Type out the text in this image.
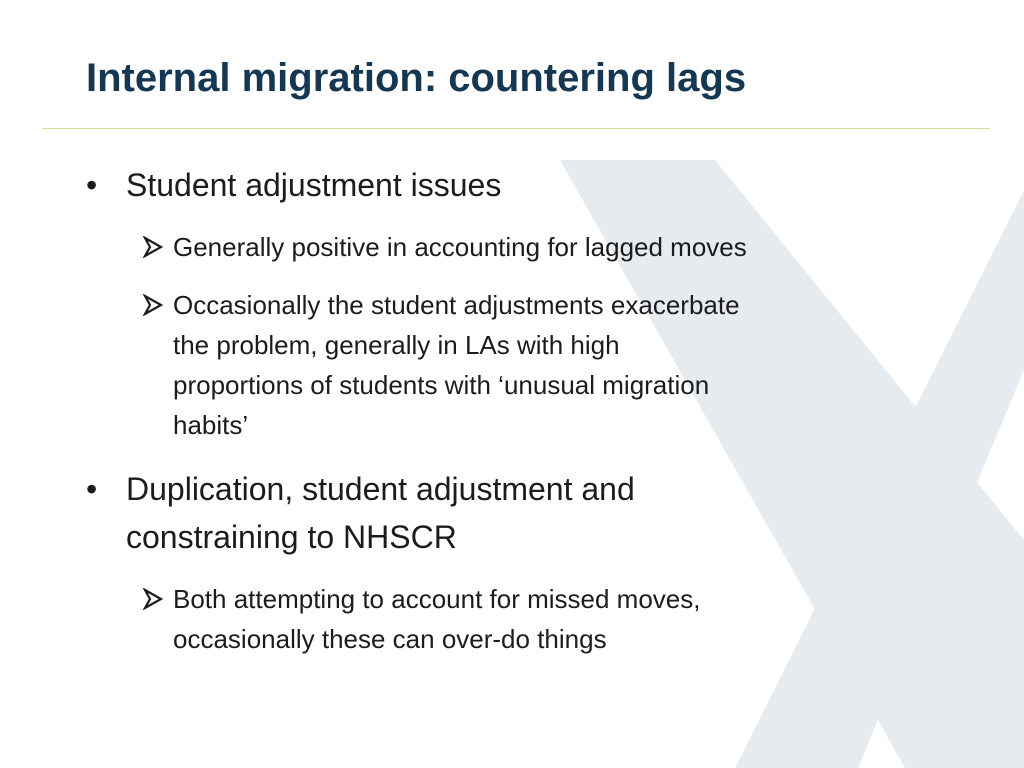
Internal migration: countering lags
• Student adjustment issues
Generally positive in accounting for lagged moves
Occasionally the student adjustments exacerbate
the problem, generally in LAs with high
proportions of students with ‘unusual migration
habits’
• Duplication, student adjustment and
constraining to NHSCR
Both attempting to account for missed moves,
occasionally these can over-do things
